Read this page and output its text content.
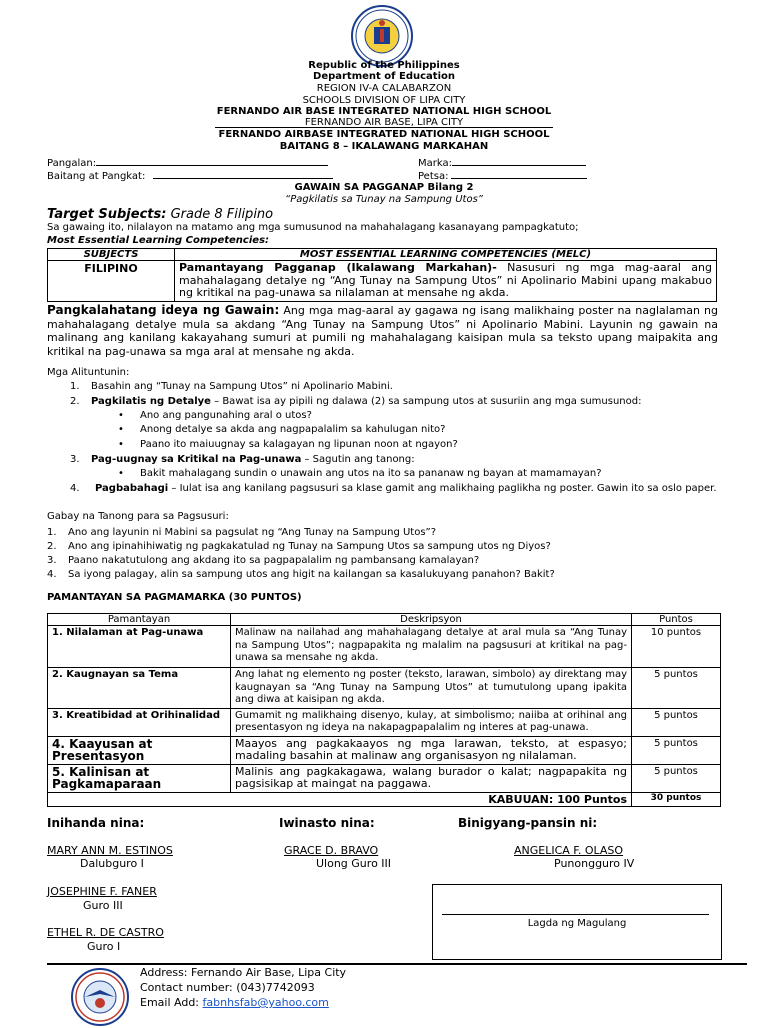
Republic of the Philippines
Department of Education
REGION IV-A CALABARZON
SCHOOLS DIVISION OF LIPA CITY
FERNANDO AIR BASE INTEGRATED NATIONAL HIGH SCHOOL
FERNANDO AIR BASE, LIPA CITY
FERNANDO AIRBASE INTEGRATED NATIONAL HIGH SCHOOL
BAITANG 8 – IKALAWANG MARKAHAN
Pangalan:
Baitang at Pangkat:
Marka:
Petsa:
GAWAIN SA PAGGANAP Bilang 2
“Pagkilatis sa Tunay na Sampung Utos”
Target Subjects: Grade 8 Filipino
Sa gawaing ito, nilalayon na matamo ang mga sumusunod na mahahalagang kasanayang pampagkatuto;
Most Essential Learning Competencies:
SUBJECTS	MOST ESSENTIAL LEARNING COMPETENCIES (MELC)
FILIPINO	Pamantayang Pagganap (Ikalawang Markahan)- Nasusuri ng mga mag-aaral ang mahahalagang detalye ng “Ang Tunay na Sampung Utos” ni Apolinario Mabini upang makabuo ng kritikal na pag-unawa sa nilalaman at mensahe ng akda.
Pangkalahatang ideya ng Gawain: Ang mga mag-aaral ay gagawa ng isang malikhaing poster na naglalaman ng mahahalagang detalye mula sa akdang “Ang Tunay na Sampung Utos” ni Apolinario Mabini. Layunin ng gawain na malinang ang kanilang kakayahang sumuri at pumili ng mahahalagang kaisipan mula sa teksto upang maipakita ang kritikal na pag-unawa sa mga aral at mensahe ng akda.
Mga Alituntunin:
1. Basahin ang “Tunay na Sampung Utos” ni Apolinario Mabini.
2. Pagkilatis ng Detalye – Bawat isa ay pipili ng dalawa (2) sa sampung utos at susuriin ang mga sumusunod:
• Ano ang pangunahing aral o utos?
• Anong detalye sa akda ang nagpapalalim sa kahulugan nito?
• Paano ito maiuugnay sa kalagayan ng lipunan noon at ngayon?
3. Pag-uugnay sa Kritikal na Pag-unawa – Sagutin ang tanong:
• Bakit mahalagang sundin o unawain ang utos na ito sa pananaw ng bayan at mamamayan?
4. Pagbabahagi – Iulat isa ang kanilang pagsusuri sa klase gamit ang malikhaing paglikha ng poster. Gawin ito sa oslo paper.
Gabay na Tanong para sa Pagsusuri:
1. Ano ang layunin ni Mabini sa pagsulat ng “Ang Tunay na Sampung Utos”?
2. Ano ang ipinahihiwatig ng pagkakatulad ng Tunay na Sampung Utos sa sampung utos ng Diyos?
3. Paano nakatutulong ang akdang ito sa pagpapalalim ng pambansang kamalayan?
4. Sa iyong palagay, alin sa sampung utos ang higit na kailangan sa kasalukuyang panahon? Bakit?
PAMANTAYAN SA PAGMAMARKA (30 PUNTOS)
Pamantayan	Deskripsyon	Puntos
1. Nilalaman at Pag-unawa	Malinaw na nailahad ang mahahalagang detalye at aral mula sa “Ang Tunay na Sampung Utos”; nagpapakita ng malalim na pagsusuri at kritikal na pag-unawa sa mensahe ng akda.	10 puntos
2. Kaugnayan sa Tema	Ang lahat ng elemento ng poster (teksto, larawan, simbolo) ay direktang may kaugnayan sa “Ang Tunay na Sampung Utos” at tumutulong upang ipakita ang diwa at kaisipan ng akda.	5 puntos
3. Kreatibidad at Orihinalidad	Gumamit ng malikhaing disenyo, kulay, at simbolismo; naiiba at orihinal ang presentasyon ng ideya na nakapagpapalalim ng interes at pag-unawa.	5 puntos
4. Kaayusan at Presentasyon	Maayos ang pagkakaayos ng mga larawan, teksto, at espasyo; madaling basahin at malinaw ang organisasyon ng nilalaman.	5 puntos
5. Kalinisan at Pagkamaparaan	Malinis ang pagkakagawa, walang burador o kalat; nagpapakita ng pagsisikap at maingat na paggawa.	5 puntos
KABUUAN: 100 Puntos		30 puntos
Inihanda nina:	Iwinasto nina:	Binigyang-pansin ni:
MARY ANN M. ESTINOS
Dalubguro I
JOSEPHINE F. FANER
Guro III
ETHEL R. DE CASTRO
Guro I
GRACE D. BRAVO
Ulong Guro III
ANGELICA F. OLASO
Punongguro IV
Lagda ng Magulang
Address: Fernando Air Base, Lipa City
Contact number: (043)7742093
Email Add: fabnhsfab@yahoo.com
